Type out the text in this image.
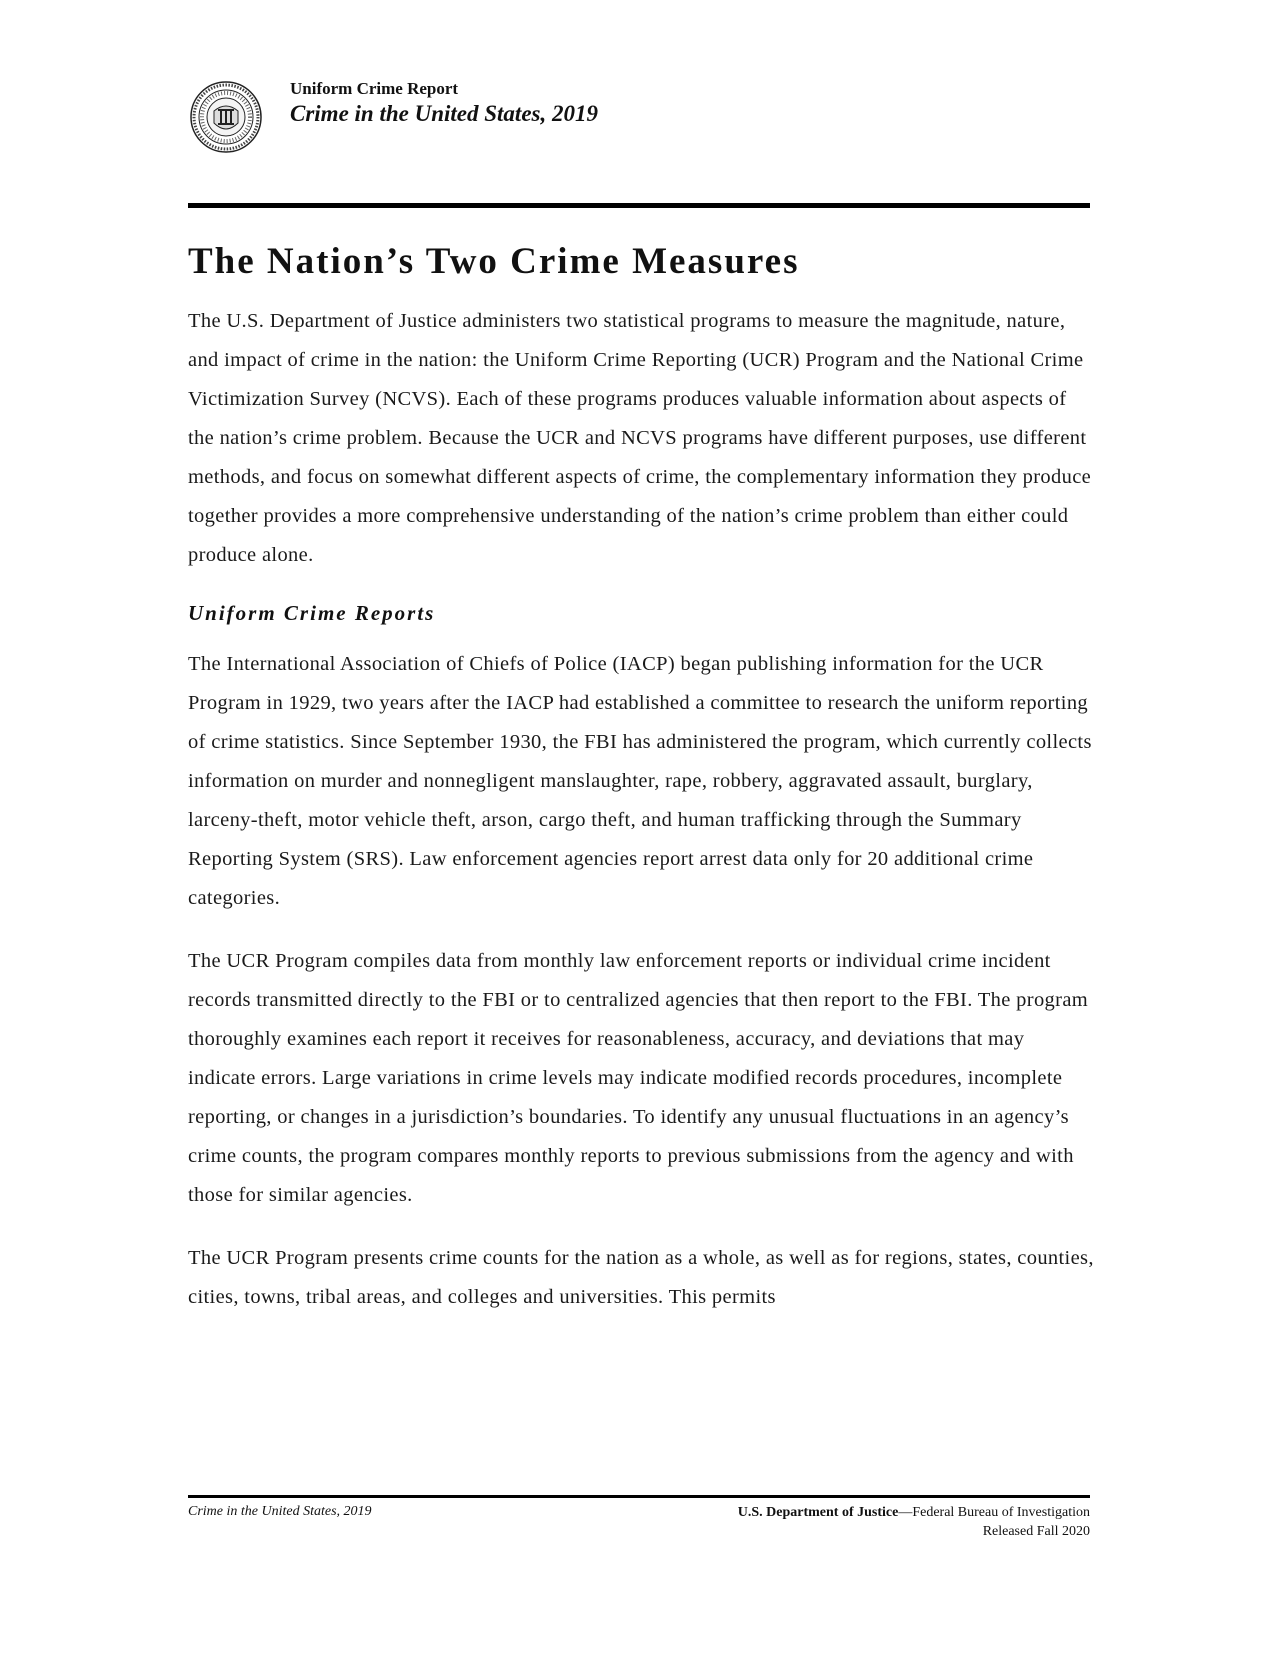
Uniform Crime Report
Crime in the United States, 2019
The Nation’s Two Crime Measures

The U.S. Department of Justice administers two statistical programs to measure the magnitude, nature, and impact of crime in the nation: the Uniform Crime Reporting (UCR) Program and the National Crime Victimization Survey (NCVS). Each of these programs produces valuable information about aspects of the nation’s crime problem. Because the UCR and NCVS programs have different purposes, use different methods, and focus on somewhat different aspects of crime, the complementary information they produce together provides a more comprehensive understanding of the nation’s crime problem than either could produce alone.

Uniform Crime Reports

The International Association of Chiefs of Police (IACP) began publishing information for the UCR Program in 1929, two years after the IACP had established a committee to research the uniform reporting of crime statistics. Since September 1930, the FBI has administered the program, which currently collects information on murder and nonnegligent manslaughter, rape, robbery, aggravated assault, burglary, larceny-theft, motor vehicle theft, arson, cargo theft, and human trafficking through the Summary Reporting System (SRS). Law enforcement agencies report arrest data only for 20 additional crime categories.

The UCR Program compiles data from monthly law enforcement reports or individual crime incident records transmitted directly to the FBI or to centralized agencies that then report to the FBI. The program thoroughly examines each report it receives for reasonableness, accuracy, and deviations that may indicate errors. Large variations in crime levels may indicate modified records procedures, incomplete reporting, or changes in a jurisdiction’s boundaries. To identify any unusual fluctuations in an agency’s crime counts, the program compares monthly reports to previous submissions from the agency and with those for similar agencies.

The UCR Program presents crime counts for the nation as a whole, as well as for regions, states, counties, cities, towns, tribal areas, and colleges and universities. This permits

Crime in the United States, 2019	U.S. Department of Justice—Federal Bureau of Investigation
Released Fall 2020
